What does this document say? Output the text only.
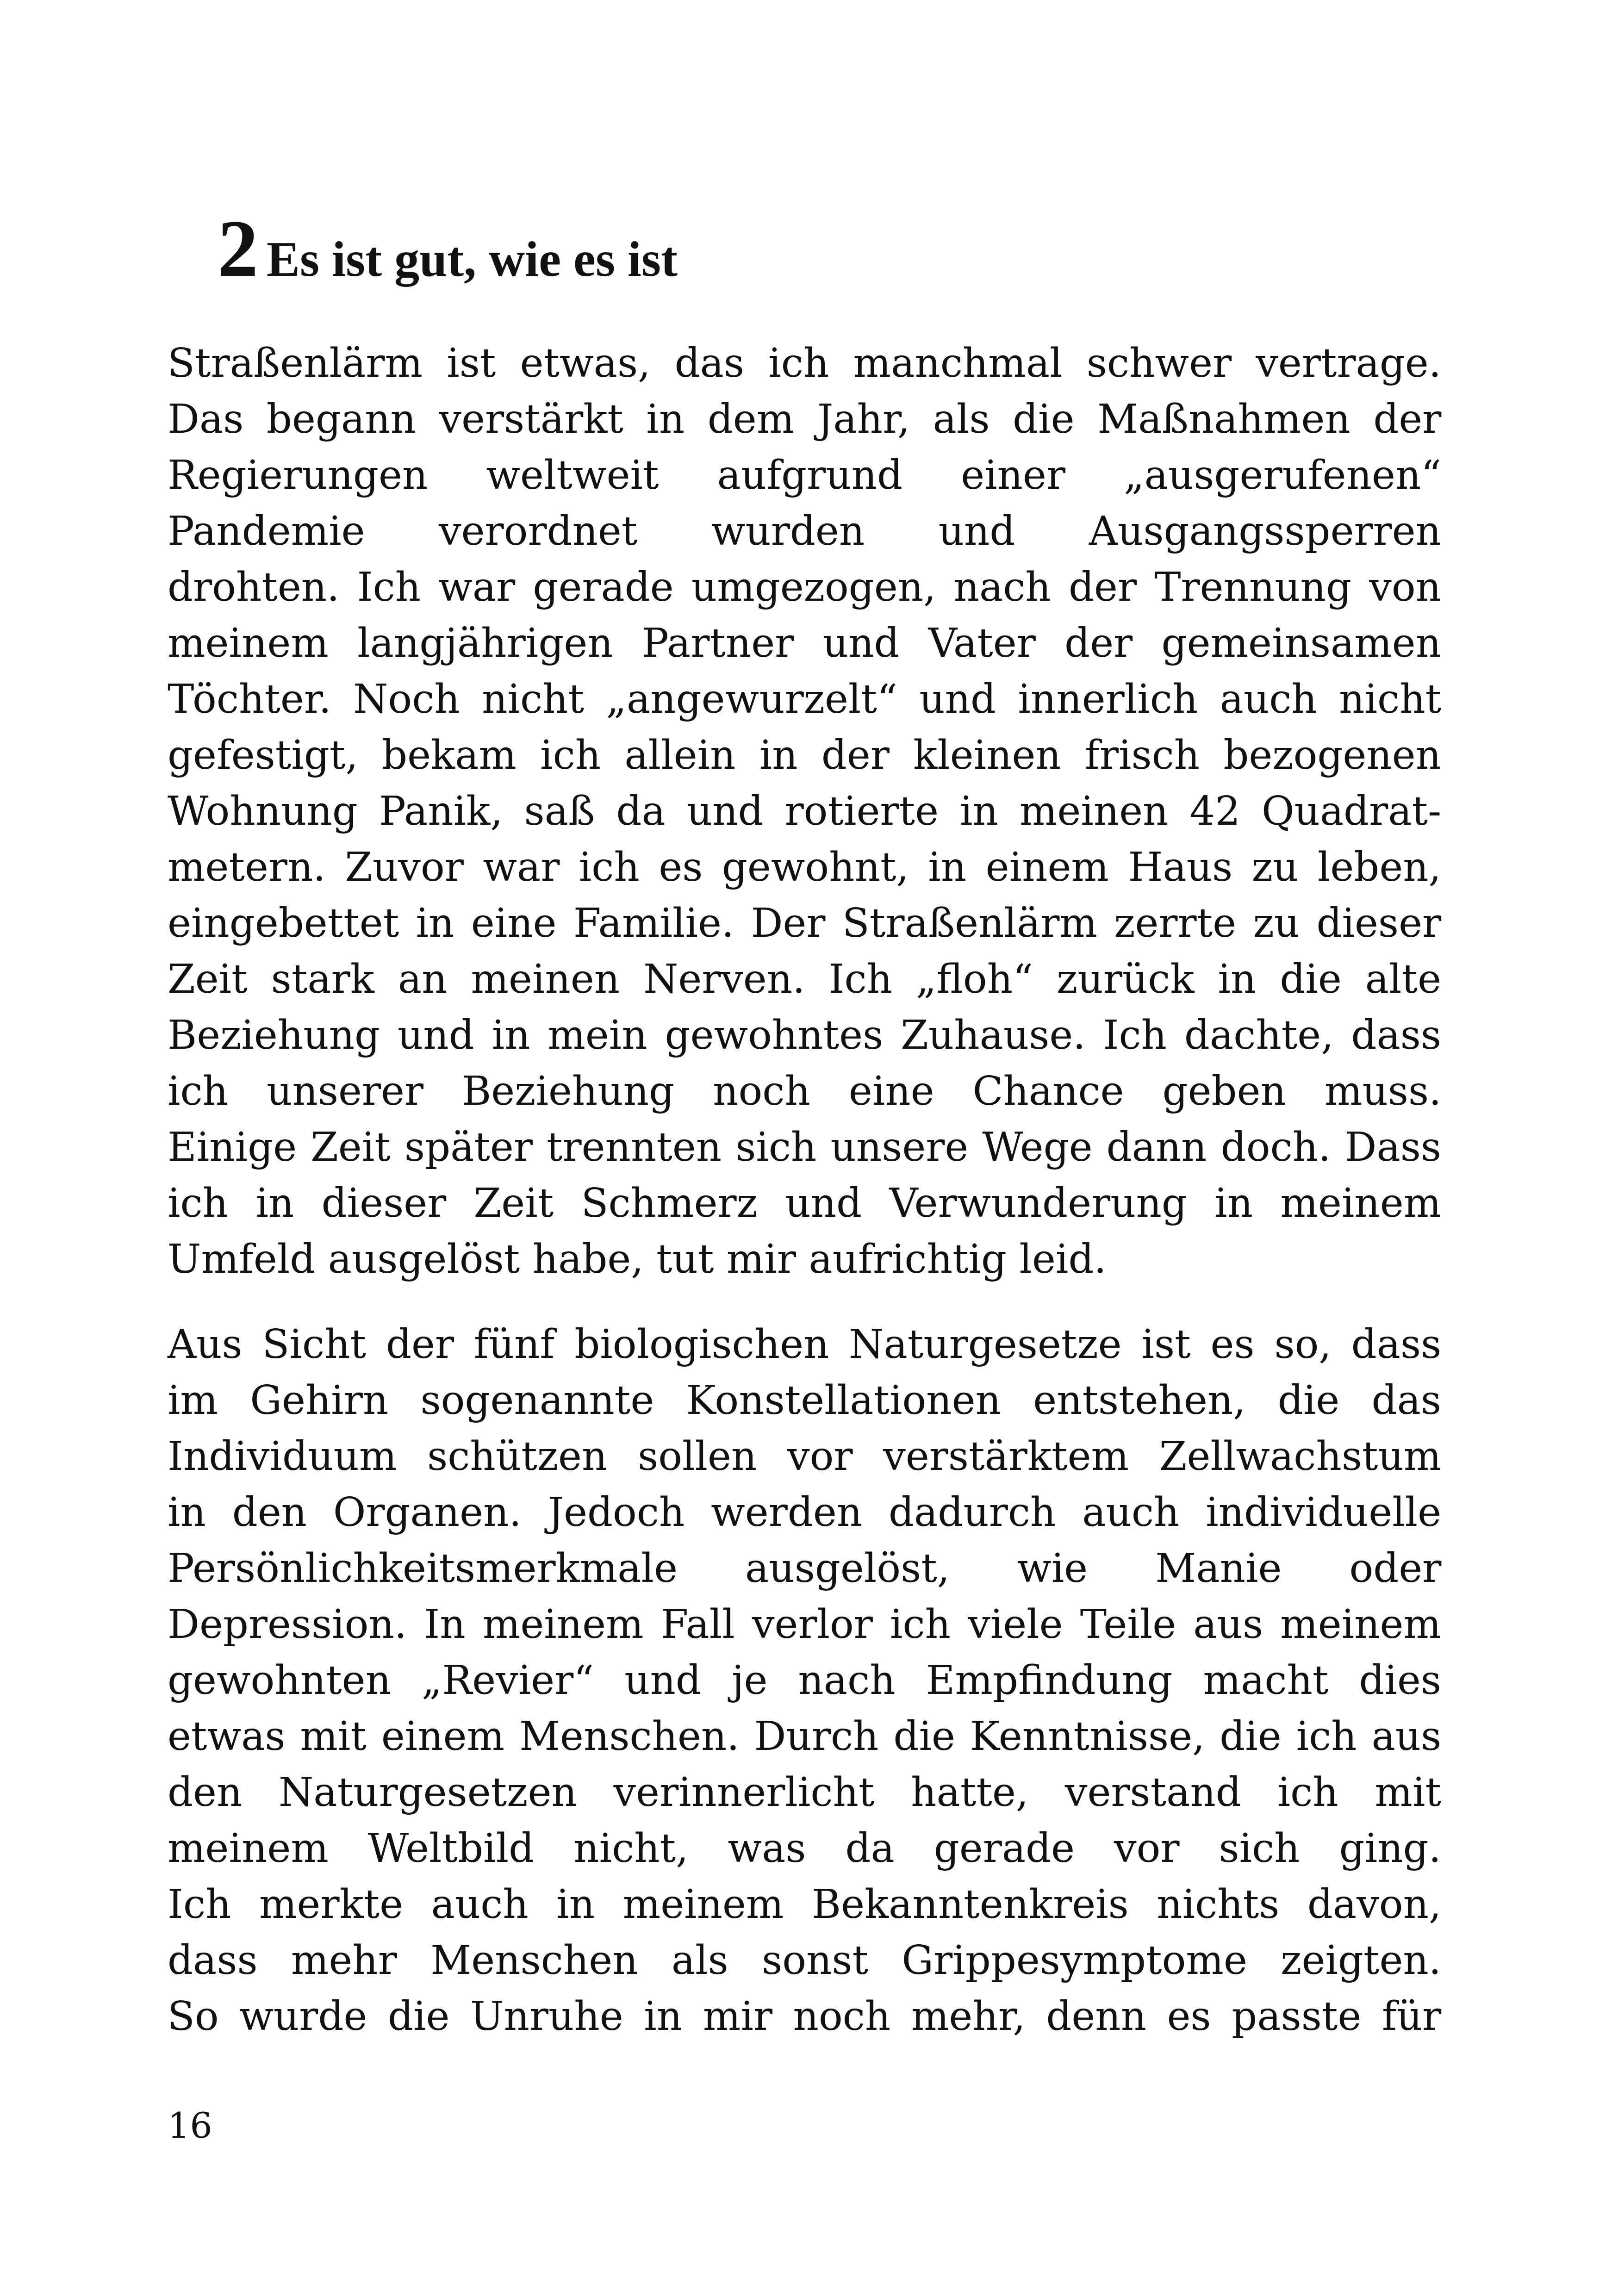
2 Es ist gut, wie es ist
Straßenlärm ist etwas, das ich manchmal schwer vertrage.
Das begann verstärkt in dem Jahr, als die Maßnahmen der
Regierungen weltweit aufgrund einer „ausgerufenen“
Pandemie verordnet wurden und Ausgangssperren
drohten. Ich war gerade umgezogen, nach der Trennung von
meinem langjährigen Partner und Vater der gemeinsamen
Töchter. Noch nicht „angewurzelt“ und innerlich auch nicht
gefestigt, bekam ich allein in der kleinen frisch bezogenen
Wohnung Panik, saß da und rotierte in meinen 42 Quadrat-
metern. Zuvor war ich es gewohnt, in einem Haus zu leben,
eingebettet in eine Familie. Der Straßenlärm zerrte zu dieser
Zeit stark an meinen Nerven. Ich „floh“ zurück in die alte
Beziehung und in mein gewohntes Zuhause. Ich dachte, dass
ich unserer Beziehung noch eine Chance geben muss.
Einige Zeit später trennten sich unsere Wege dann doch. Dass
ich in dieser Zeit Schmerz und Verwunderung in meinem
Umfeld ausgelöst habe, tut mir aufrichtig leid.
Aus Sicht der fünf biologischen Naturgesetze ist es so, dass
im Gehirn sogenannte Konstellationen entstehen, die das
Individuum schützen sollen vor verstärktem Zellwachstum
in den Organen. Jedoch werden dadurch auch individuelle
Persönlichkeitsmerkmale ausgelöst, wie Manie oder
Depression. In meinem Fall verlor ich viele Teile aus meinem
gewohnten „Revier“ und je nach Empfindung macht dies
etwas mit einem Menschen. Durch die Kenntnisse, die ich aus
den Naturgesetzen verinnerlicht hatte, verstand ich mit
meinem Weltbild nicht, was da gerade vor sich ging.
Ich merkte auch in meinem Bekanntenkreis nichts davon,
dass mehr Menschen als sonst Grippesymptome zeigten.
So wurde die Unruhe in mir noch mehr, denn es passte für
16
